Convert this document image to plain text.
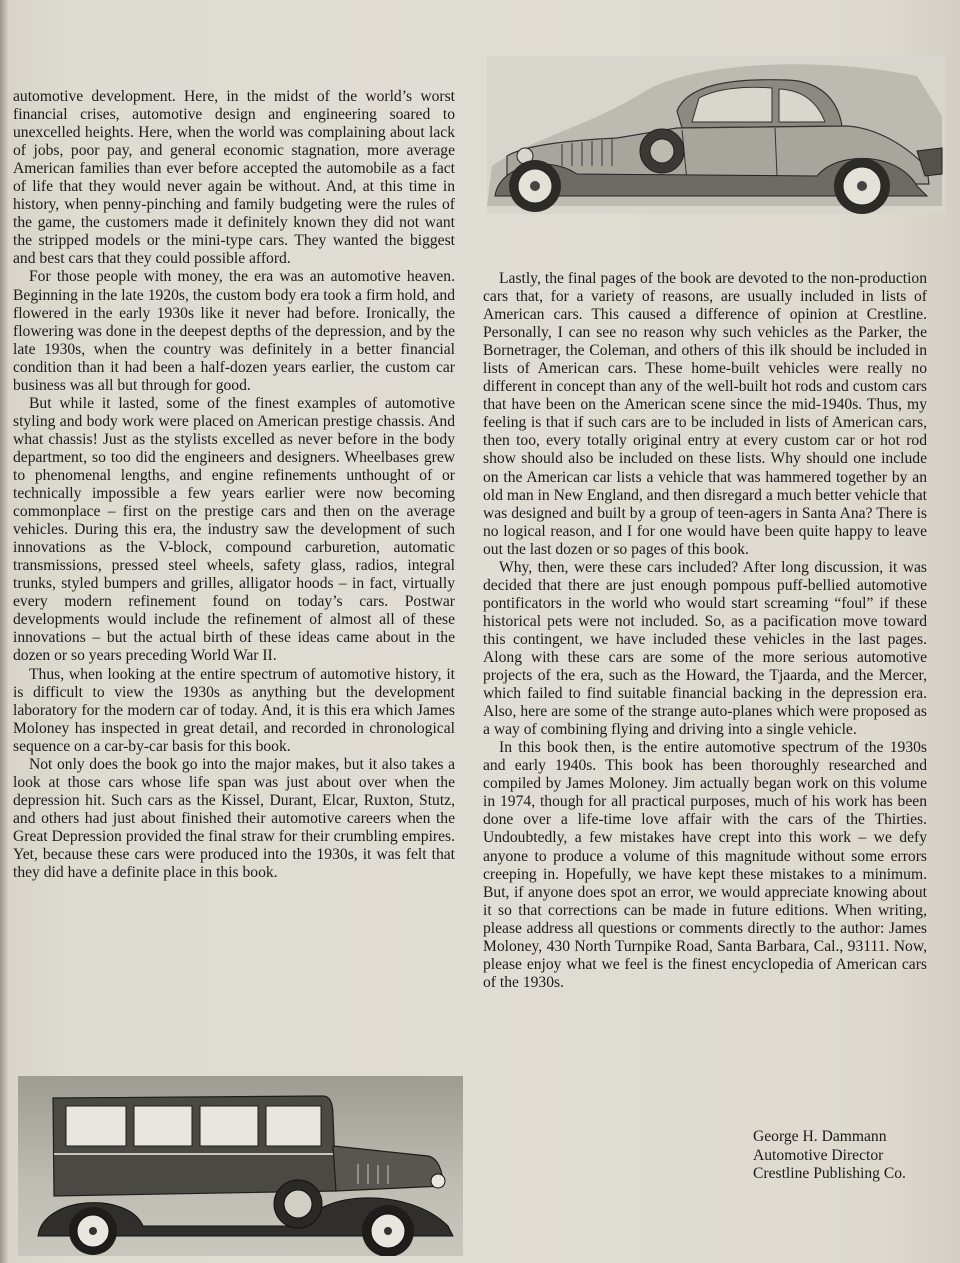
automotive development. Here, in the midst of the world’s worst financial crises, automotive design and engineering soared to unexcelled heights. Here, when the world was complaining about lack of jobs, poor pay, and general economic stagnation, more average American families than ever before accepted the automobile as a fact of life that they would never again be without. And, at this time in history, when penny-pinching and family budgeting were the rules of the game, the customers made it definitely known they did not want the stripped models or the mini-type cars. They wanted the biggest and best cars that they could possible afford.

For those people with money, the era was an automotive heaven. Beginning in the late 1920s, the custom body era took a firm hold, and flowered in the early 1930s like it never had before. Ironically, the flowering was done in the deepest depths of the depression, and by the late 1930s, when the country was definitely in a better financial condition than it had been a half-dozen years earlier, the custom car business was all but through for good.

But while it lasted, some of the finest examples of automotive styling and body work were placed on American prestige chassis. And what chassis! Just as the stylists excelled as never before in the body department, so too did the engineers and designers. Wheelbases grew to phenomenal lengths, and engine refinements unthought of or technically impossible a few years earlier were now becoming commonplace – first on the prestige cars and then on the average vehicles. During this era, the industry saw the development of such innovations as the V-block, compound carburetion, automatic transmissions, pressed steel wheels, safety glass, radios, integral trunks, styled bumpers and grilles, alligator hoods – in fact, virtually every modern refinement found on today’s cars. Postwar developments would include the refinement of almost all of these innovations – but the actual birth of these ideas came about in the dozen or so years preceding World War II.

Thus, when looking at the entire spectrum of automotive history, it is difficult to view the 1930s as anything but the development laboratory for the modern car of today. And, it is this era which James Moloney has inspected in great detail, and recorded in chronological sequence on a car-by-car basis for this book.

Not only does the book go into the major makes, but it also takes a look at those cars whose life span was just about over when the depression hit. Such cars as the Kissel, Durant, Elcar, Ruxton, Stutz, and others had just about finished their automotive careers when the Great Depression provided the final straw for their crumbling empires. Yet, because these cars were produced into the 1930s, it was felt that they did have a definite place in this book.

Lastly, the final pages of the book are devoted to the non-production cars that, for a variety of reasons, are usually included in lists of American cars. This caused a difference of opinion at Crestline. Personally, I can see no reason why such vehicles as the Parker, the Bornetrager, the Coleman, and others of this ilk should be included in lists of American cars. These home-built vehicles were really no different in concept than any of the well-built hot rods and custom cars that have been on the American scene since the mid-1940s. Thus, my feeling is that if such cars are to be included in lists of American cars, then too, every totally original entry at every custom car or hot rod show should also be included on these lists. Why should one include on the American car lists a vehicle that was hammered together by an old man in New England, and then disregard a much better vehicle that was designed and built by a group of teen-agers in Santa Ana? There is no logical reason, and I for one would have been quite happy to leave out the last dozen or so pages of this book.

Why, then, were these cars included? After long discussion, it was decided that there are just enough pompous puff-bellied automotive pontificators in the world who would start screaming “foul” if these historical pets were not included. So, as a pacification move toward this contingent, we have included these vehicles in the last pages. Along with these cars are some of the more serious automotive projects of the era, such as the Howard, the Tjaarda, and the Mercer, which failed to find suitable financial backing in the depression era. Also, here are some of the strange auto-planes which were proposed as a way of combining flying and driving into a single vehicle.

In this book then, is the entire automotive spectrum of the 1930s and early 1940s. This book has been thoroughly researched and compiled by James Moloney. Jim actually began work on this volume in 1974, though for all practical purposes, much of his work has been done over a life-time love affair with the cars of the Thirties. Undoubtedly, a few mistakes have crept into this work – we defy anyone to produce a volume of this magnitude without some errors creeping in. Hopefully, we have kept these mistakes to a minimum. But, if anyone does spot an error, we would appreciate knowing about it so that corrections can be made in future editions. When writing, please address all questions or comments directly to the author: James Moloney, 430 North Turnpike Road, Santa Barbara, Cal., 93111. Now, please enjoy what we feel is the finest encyclopedia of American cars of the 1930s.

George H. Dammann
Automotive Director
Crestline Publishing Co.
